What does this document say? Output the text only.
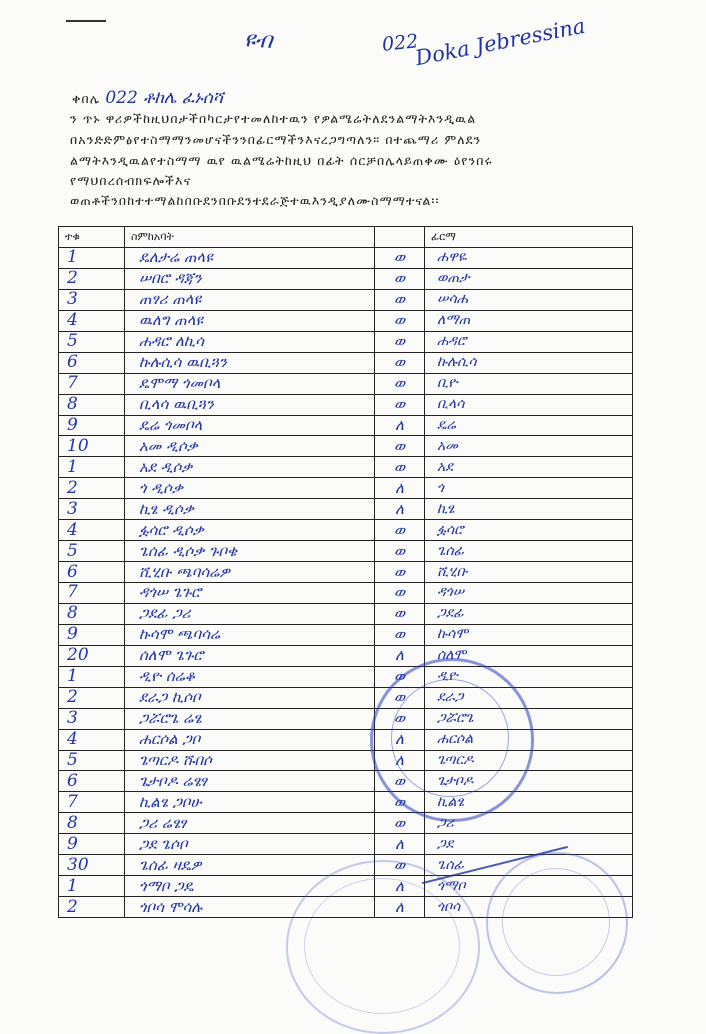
ዩብ	022
Doka Jebressina
ቀበሌ 022 ቶከሌ ፈኑሰሻ
ን ጥኑ ዋሪዎችከዚህበታችበካርታየተመለከተዉን የዎልሜሬትለደንልማትእንዲዉል
በአንድድምፅየተስማማንመሆናችንንበፊርማችንእናረጋግጣለን። በተጨማሪ ምለደን
ልማትእንዲዉልየተስማማ ዉየ ዉልሜሬትከዚህ በፊት ሰርቻበሌላይጠቀሙ ዕየንበሩ
የማህበረሰብክፍሎችእና
ወጠቶችንበከተተማልከበቡደንበቡደንተደራጅተዉእንዲያለሙስማማተናል፡፡
ተቁ	ስምከአባት		ፊርማ
1	ዴለታሬ ጠላዩ	ወ	ሐዋዬ
2	ሠበሮ ዳጃን	ወ	ወጠታ
3	ጠፃሪ ጠላዩ	ወ	ሠሳሐ
4	ዉለግ ጠላዩ	ወ	ለማጠ
5	ሐዳሮ ለኪሳ	ወ	ሐዳሮ
6	ኩሉሲሳ ዉቢጓን	ወ	ኩሉሲሳ
7	ዴሞማ ጎመቦላ	ወ	ቢዮ
8	ቢላሳ ዉቢጓን	ወ	ቢላሳ
9	ዴሬ ጎመቦላ	ለ	ዴሬ
10	አመ ዲሶቃ	ወ	አመ
1	አደ ዲሶቃ	ወ	አደ
2	ጎ ዲሶቃ	ለ	ጎ
3	ኪፄ ዲሶቃ	ለ	ኪፄ
4	ፏሳሮ ዲሶቃ	ወ	ፏሳሮ
5	ጌሰፊ ዲሶቃ ጉቦቄ	ወ	ጌሰፊ
6	ሺሂቡ ጫባሳሬዎ	ወ	ሺሂቡ
7	ዳጎሠ ጌጉሮ	ወ	ዳጎሠ
8	ጋደፊ ጋሪ	ወ	ጋደፊ
9	ኩሳሞ ጫባሳሬ	ወ	ኩሳሞ
20	ሰለሞ ጌጉሮ	ለ	ሰለሞ
1	ዲዮ ሰሬቆ	ወ	ዲዮ
2	ደራጋ ኪሶቦ	ወ	ደራጋ
3	ጋሯሮጌ ሬፄ	ወ	ጋሯሮጌ
4	ሐርሶል ጋቦ	ለ	ሐርሶል
5	ጌጣርዶ ሹበሶ	ለ	ጌጣርዶ
6	ጌታቦዶ ሬፄፃ	ወ	ጌታቦዶ
7	ኪልፄ ጋቦሁ	ወ	ኪልፄ
8	ጋሪ ሬፄፃ	ወ	ጋሪ
9	ጋደ ጌሶቦ	ለ	ጋደ
30	ጌሰፊ ዛዴዎ	ወ	ጌሰፊ
1	ጎማቦ ጋዴ	ለ	ጎማቦ
2	ጎቦሳ ሞሳሉ	ለ	ጎቦሳ
